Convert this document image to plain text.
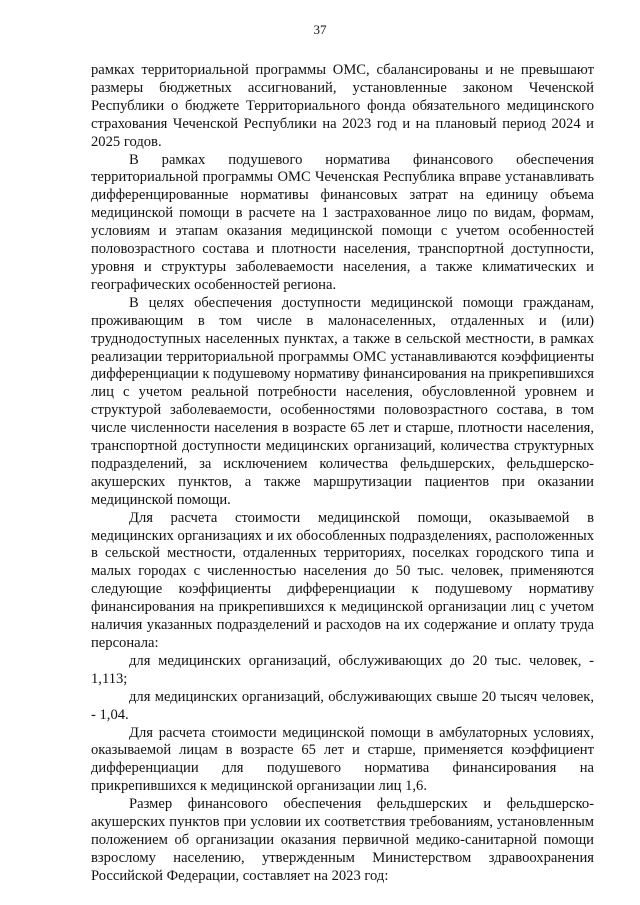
37

рамках территориальной программы ОМС, сбалансированы и не превышают размеры бюджетных ассигнований, установленные законом Чеченской Республики о бюджете Территориального фонда обязательного медицинского страхования Чеченской Республики на 2023 год и на плановый период 2024 и 2025 годов.

В рамках подушевого норматива финансового обеспечения территориальной программы ОМС Чеченская Республика вправе устанавливать дифференцированные нормативы финансовых затрат на единицу объема медицинской помощи в расчете на 1 застрахованное лицо по видам, формам, условиям и этапам оказания медицинской помощи с учетом особенностей половозрастного состава и плотности населения, транспортной доступности, уровня и структуры заболеваемости населения, а также климатических и географических особенностей региона.

В целях обеспечения доступности медицинской помощи гражданам, проживающим в том числе в малонаселенных, отдаленных и (или) труднодоступных населенных пунктах, а также в сельской местности, в рамках реализации территориальной программы ОМС устанавливаются коэффициенты дифференциации к подушевому нормативу финансирования на прикрепившихся лиц с учетом реальной потребности населения, обусловленной уровнем и структурой заболеваемости, особенностями половозрастного состава, в том числе численности населения в возрасте 65 лет и старше, плотности населения, транспортной доступности медицинских организаций, количества структурных подразделений, за исключением количества фельдшерских, фельдшерско-акушерских пунктов, а также маршрутизации пациентов при оказании медицинской помощи.

Для расчета стоимости медицинской помощи, оказываемой в медицинских организациях и их обособленных подразделениях, расположенных в сельской местности, отдаленных территориях, поселках городского типа и малых городах с численностью населения до 50 тыс. человек, применяются следующие коэффициенты дифференциации к подушевому нормативу финансирования на прикрепившихся к медицинской организации лиц с учетом наличия указанных подразделений и расходов на их содержание и оплату труда персонала:

для медицинских организаций, обслуживающих до 20 тыс. человек, - 1,113;

для медицинских организаций, обслуживающих свыше 20 тысяч человек, - 1,04.

Для расчета стоимости медицинской помощи в амбулаторных условиях, оказываемой лицам в возрасте 65 лет и старше, применяется коэффициент дифференциации для подушевого норматива финансирования на прикрепившихся к медицинской организации лиц 1,6.

Размер финансового обеспечения фельдшерских и фельдшерско-акушерских пунктов при условии их соответствия требованиям, установленным положением об организации оказания первичной медико-санитарной помощи взрослому населению, утвержденным Министерством здравоохранения Российской Федерации, составляет на 2023 год:
